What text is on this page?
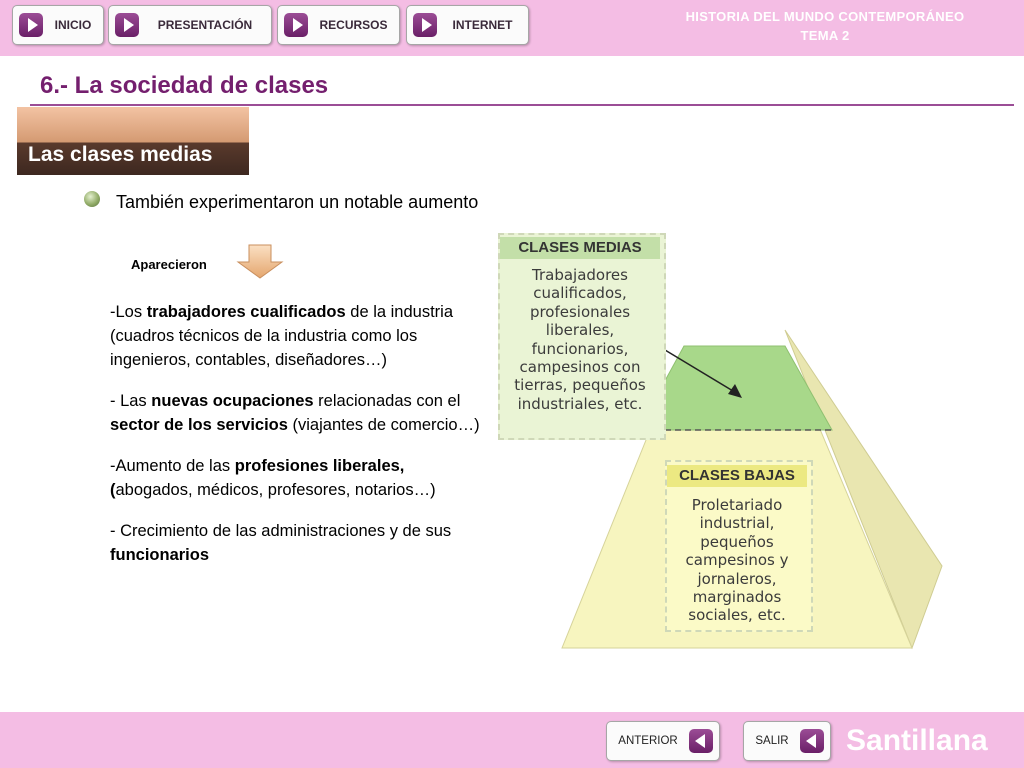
INICIO	PRESENTACIÓN	RECURSOS	INTERNET
HISTORIA DEL MUNDO CONTEMPORÁNEO
TEMA 2
6.- La sociedad de clases
Las clases medias
También experimentaron un notable aumento
Aparecieron

-Los trabajadores cualificados de la industria (cuadros técnicos de la industria como los ingenieros, contables, diseñadores…)

- Las nuevas ocupaciones relacionadas con el sector de los servicios (viajantes de comercio…)

-Aumento de las profesiones liberales, (abogados, médicos, profesores, notarios…)

- Crecimiento de las administraciones y de sus funcionarios

CLASES MEDIAS
Trabajadores cualificados, profesionales liberales, funcionarios, campesinos con tierras, pequeños industriales, etc.
CLASES BAJAS
Proletariado industrial, pequeños campesinos y jornaleros, marginados sociales, etc.
ANTERIOR	SALIR	Santillana
